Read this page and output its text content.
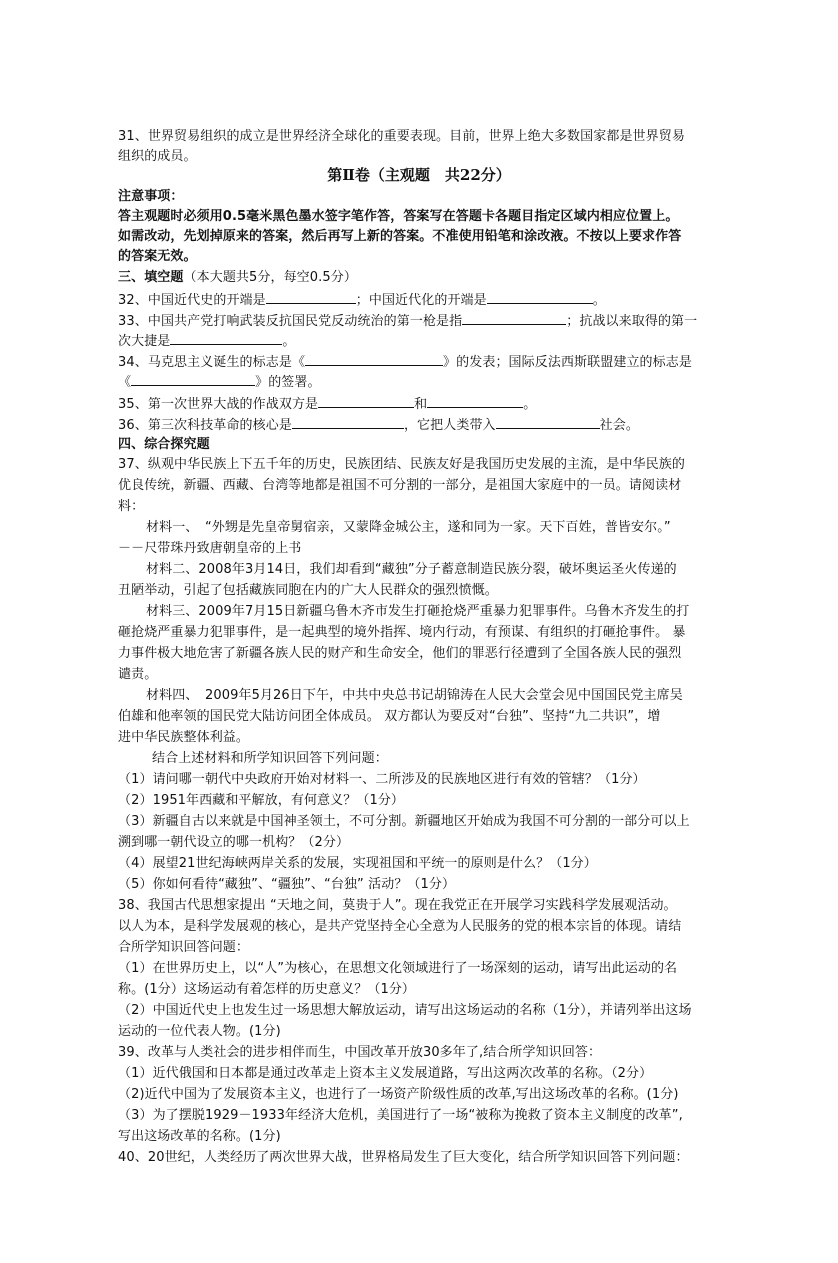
31、世界贸易组织的成立是世界经济全球化的重要表现。目前，世界上绝大多数国家都是世界贸易
组织的成员。
第Ⅱ卷（主观题　共22分）
注意事项：
答主观题时必须用0.5毫米黑色墨水签字笔作答，答案写在答题卡各题目指定区域内相应位置上。
如需改动，先划掉原来的答案，然后再写上新的答案。不准使用铅笔和涂改液。不按以上要求作答
的答案无效。
三、填空题（本大题共5分，每空0.5分）
32、中国近代史的开端是	；中国近代化的开端是	。
33、中国共产党打响武装反抗国民党反动统治的第一枪是指	；抗战以来取得的第一
次大捷是	。
34、马克思主义诞生的标志是《	》的发表；国际反法西斯联盟建立的标志是
《	》的签署。
35、第一次世界大战的作战双方是	和	。
36、第三次科技革命的核心是	，它把人类带入	社会。
四、综合探究题
37、纵观中华民族上下五千年的历史，民族团结、民族友好是我国历史发展的主流，是中华民族的
优良传统，新疆、西藏、台湾等地都是祖国不可分割的一部分，是祖国大家庭中的一员。请阅读材
料：
材料一、　“外甥是先皇帝舅宿亲，又蒙降金城公主，遂和同为一家。天下百姓，普皆安尔。”
－－尺带珠丹致唐朝皇帝的上书
材料二、2008年3月14日，我们却看到“藏独”分子蓄意制造民族分裂，破坏奥运圣火传递的
丑陋举动，引起了包括藏族同胞在内的广大人民群众的强烈愤慨。
材料三、2009年7月15日新疆乌鲁木齐市发生打砸抢烧严重暴力犯罪事件。乌鲁木齐发生的打
砸抢烧严重暴力犯罪事件，是一起典型的境外指挥、境内行动，有预谋、有组织的打砸抢事件。 暴
力事件极大地危害了新疆各族人民的财产和生命安全，他们的罪恶行径遭到了全国各族人民的强烈
谴责。
材料四、　2009年5月26日下午，中共中央总书记胡锦涛在人民大会堂会见中国国民党主席吴
伯雄和他率领的国民党大陆访问团全体成员。 双方都认为要反对“台独”、坚持“九二共识”，增
进中华民族整体利益。
结合上述材料和所学知识回答下列问题：
（1）请问哪一朝代中央政府开始对材料一、二所涉及的民族地区进行有效的管辖？（1分）
（2）1951年西藏和平解放，有何意义？（1分）
（3）新疆自古以来就是中国神圣领土，不可分割。新疆地区开始成为我国不可分割的一部分可以上
溯到哪一朝代设立的哪一机构？（2分）
（4）展望21世纪海峡两岸关系的发展，实现祖国和平统一的原则是什么？（1分）
（5）你如何看待“藏独”、“疆独”、“台独” 活动？（1分）
38、我国古代思想家提出 “天地之间，莫贵于人”。现在我党正在开展学习实践科学发展观活动。
以人为本，是科学发展观的核心，是共产党坚持全心全意为人民服务的党的根本宗旨的体现。请结
合所学知识回答问题：
（1）在世界历史上，以“人”为核心，在思想文化领域进行了一场深刻的运动，请写出此运动的名
称。(1分）这场运动有着怎样的历史意义？（1分）
（2）中国近代史上也发生过一场思想大解放运动，请写出这场运动的名称（1分），并请列举出这场
运动的一位代表人物。(1分)
39、改革与人类社会的进步相伴而生，中国改革开放30多年了,结合所学知识回答：
（1）近代俄国和日本都是通过改革走上资本主义发展道路，写出这两次改革的名称。（2分）
（2)近代中国为了发展资本主义，也进行了一场资产阶级性质的改革,写出这场改革的名称。(1分)
（3）为了摆脱1929－1933年经济大危机，美国进行了一场“被称为挽救了资本主义制度的改革”,
写出这场改革的名称。(1分)
40、20世纪，人类经历了两次世界大战，世界格局发生了巨大变化，结合所学知识回答下列问题：
